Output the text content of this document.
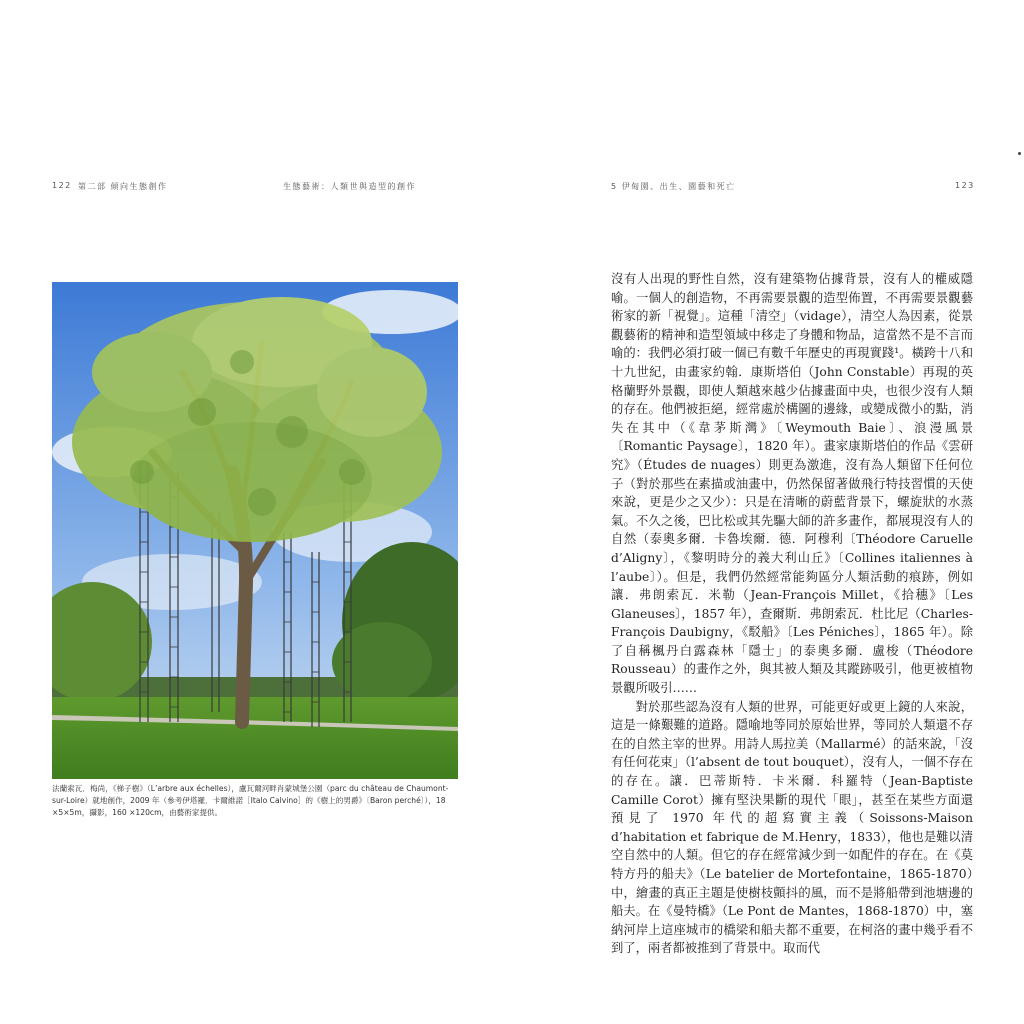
122 第二部 傾向生態創作	生態藝術：人類世與造型的創作	5 伊甸園、出生、園藝和死亡	123
法蘭索瓦．梅尚，《梯子樹》（L’arbre aux échelles），盧瓦爾河畔肖蒙城堡公園（parc du château de Chaumont-sur-Loire）就地創作，2009 年（參考伊塔羅．卡爾維諾［Italo Calvino］的《樹上的男爵》〔Baron perché〕），18 ×5×5m，攝影，160 ×120cm，由藝術家提供。

沒有人出現的野性自然，沒有建築物佔據背景，沒有人的權威隱喻。一個人的創造物，不再需要景觀的造型佈置，不再需要景觀藝術家的新「視覺」。這種「清空」（vidage），清空人為因素，從景觀藝術的精神和造型領域中移走了身體和物品，這當然不是不言而喻的：我們必須打破一個已有數千年歷史的再現實踐¹。橫跨十八和十九世紀，由畫家約翰．康斯塔伯（John Constable）再現的英格蘭野外景觀，即使人類越來越少佔據畫面中央，也很少沒有人類的存在。他們被拒絕，經常處於構圖的邊緣，或變成微小的點，消失在其中（《韋茅斯灣》〔Weymouth Baie〕、浪漫風景〔Romantic Paysage〕，1820 年）。畫家康斯塔伯的作品《雲研究》（Études de nuages）則更為激進，沒有為人類留下任何位子（對於那些在素描或油畫中，仍然保留著做飛行特技習慣的天使來說，更是少之又少）：只是在清晰的蔚藍背景下，螺旋狀的水蒸氣。不久之後，巴比松或其先驅大師的許多畫作，都展現沒有人的自然（泰奧多爾．卡魯埃爾．德．阿穆利〔Théodore Caruelle d’Aligny〕，《黎明時分的義大利山丘》〔Collines italiennes à l’aube〕）。但是，我們仍然經常能夠區分人類活動的痕跡，例如讓．弗朗索瓦．米勒（Jean-François Millet，《拾穗》〔Les Glaneuses〕，1857 年），查爾斯．弗朗索瓦．杜比尼（Charles-François Daubigny，《駁船》〔Les Péniches〕，1865 年）。除了自稱楓丹白露森林「隱士」的泰奧多爾．盧梭（Théodore Rousseau）的畫作之外，與其被人類及其蹤跡吸引，他更被植物景觀所吸引……

對於那些認為沒有人類的世界，可能更好或更上鏡的人來說，這是一條艱難的道路。隱喻地等同於原始世界，等同於人類還不存在的自然主宰的世界。用詩人馬拉美（Mallarmé）的話來說，「沒有任何花束」（l’absent de tout bouquet），沒有人，一個不存在的存在。讓．巴蒂斯特．卡米爾．科羅特（Jean-Baptiste Camille Corot）擁有堅決果斷的現代「眼」，甚至在某些方面還預見了 1970 年代的超寫實主義（Soissons-Maison d’habitation et fabrique de M.Henry，1833），他也是難以清空自然中的人類。但它的存在經常減少到一如配件的存在。在《莫特方丹的船夫》（Le batelier de Mortefontaine，1865-1870）中，繪畫的真正主題是使樹枝顫抖的風，而不是將船帶到池塘邊的船夫。在《曼特橋》（Le Pont de Mantes，1868-1870）中，塞納河岸上這座城市的橋梁和船夫都不重要，在柯洛的畫中幾乎看不到了，兩者都被推到了背景中。取而代
